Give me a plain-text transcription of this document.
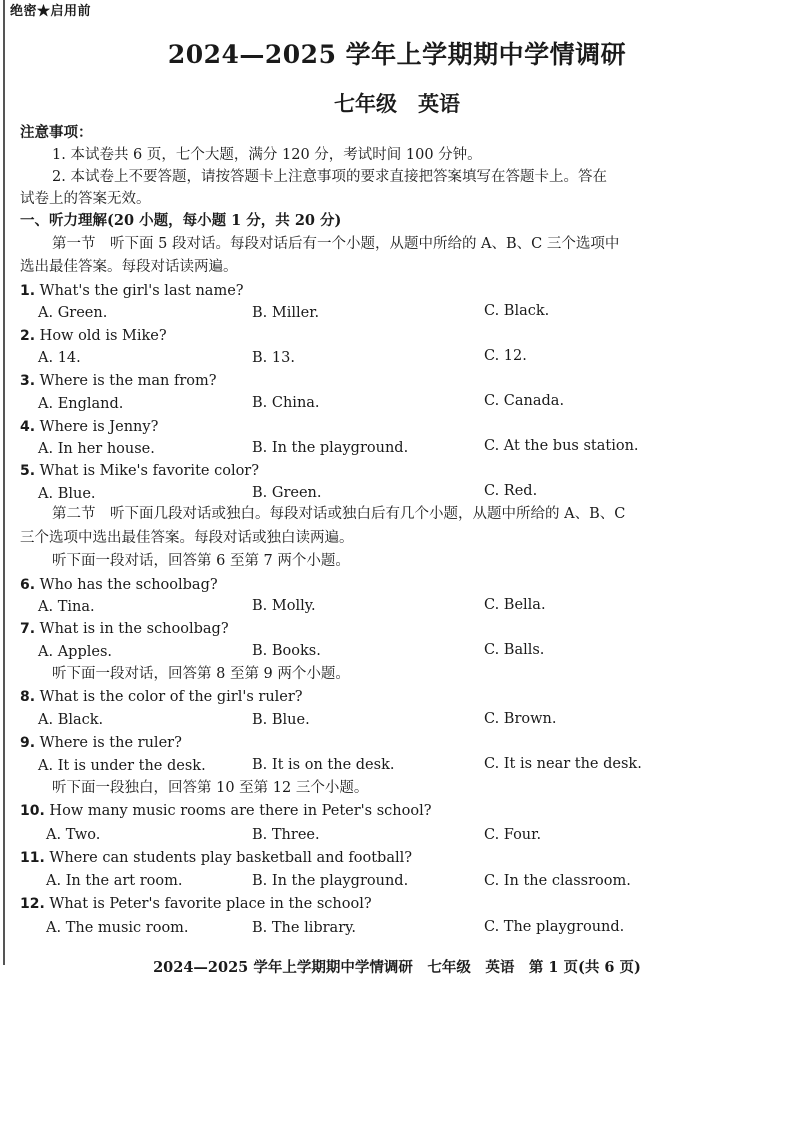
绝密★启用前
2024—2025 学年上学期期中学情调研
七年级　英语
注意事项：
1. 本试卷共 6 页，七个大题，满分 120 分，考试时间 100 分钟。
2. 本试卷上不要答题，请按答题卡上注意事项的要求直接把答案填写在答题卡上。答在
试卷上的答案无效。
一、听力理解(20 小题，每小题 1 分，共 20 分)
第一节　听下面 5 段对话。每段对话后有一个小题，从题中所给的 A、B、C 三个选项中
选出最佳答案。每段对话读两遍。
1. What's the girl's last name?
A. Green.	B. Miller.	C. Black.
2. How old is Mike?
A. 14.	B. 13.	C. 12.
3. Where is the man from?
A. England.	B. China.	C. Canada.
4. Where is Jenny?
A. In her house.	B. In the playground.	C. At the bus station.
5. What is Mike's favorite color?
A. Blue.	B. Green.	C. Red.
第二节　听下面几段对话或独白。每段对话或独白后有几个小题，从题中所给的 A、B、C
三个选项中选出最佳答案。每段对话或独白读两遍。
听下面一段对话，回答第 6 至第 7 两个小题。
6. Who has the schoolbag?
A. Tina.	B. Molly.	C. Bella.
7. What is in the schoolbag?
A. Apples.	B. Books.	C. Balls.
听下面一段对话，回答第 8 至第 9 两个小题。
8. What is the color of the girl's ruler?
A. Black.	B. Blue.	C. Brown.
9. Where is the ruler?
A. It is under the desk.	B. It is on the desk.	C. It is near the desk.
听下面一段独白，回答第 10 至第 12 三个小题。
10. How many music rooms are there in Peter's school?
A. Two.	B. Three.	C. Four.
11. Where can students play basketball and football?
A. In the art room.	B. In the playground.	C. In the classroom.
12. What is Peter's favorite place in the school?
A. The music room.	B. The library.	C. The playground.
2024—2025 学年上学期期中学情调研　七年级　英语　第 1 页(共 6 页)
